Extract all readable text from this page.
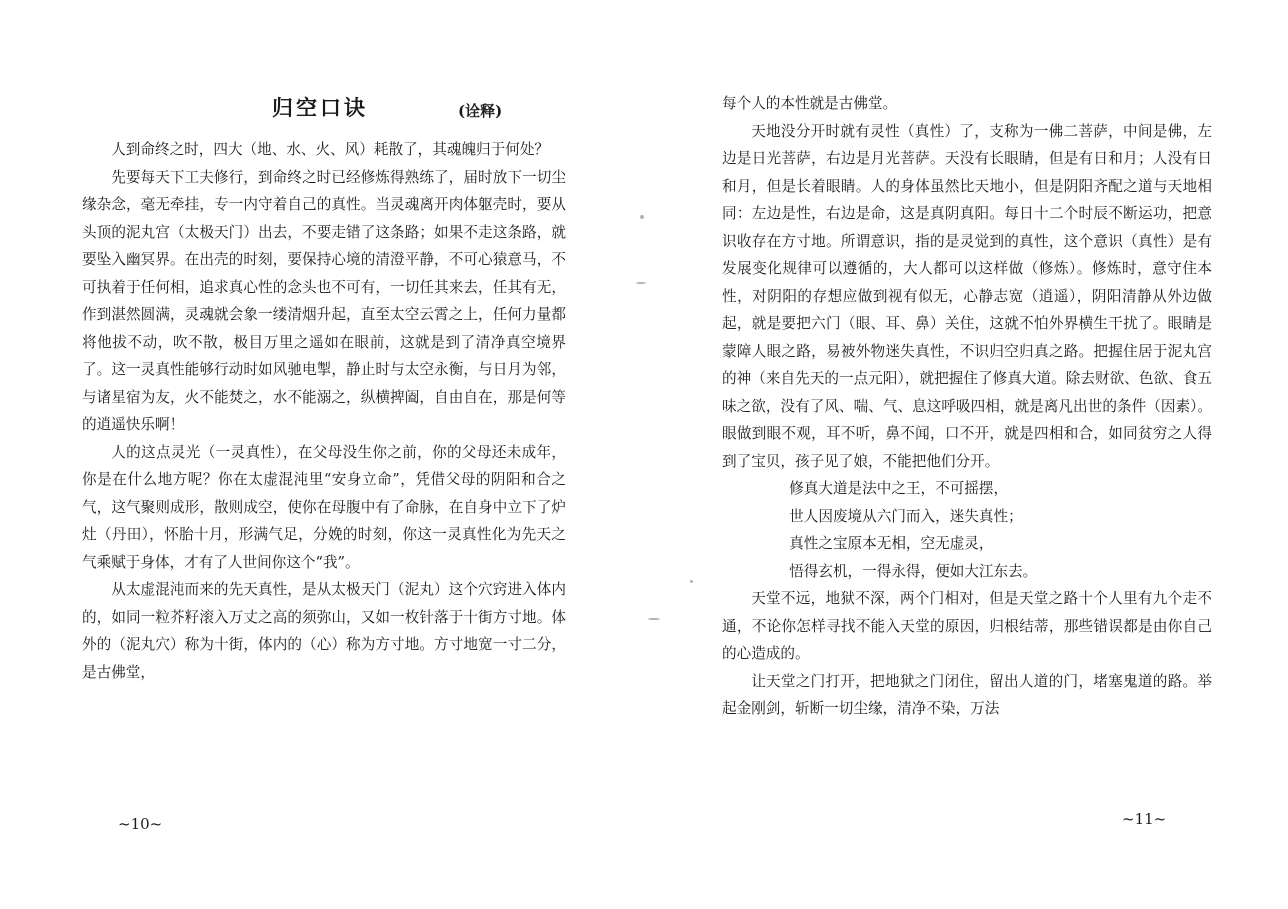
归空口诀	(诠释)

人到命终之时，四大（地、水、火、风）耗散了，其魂魄归于何处？

先要每天下工夫修行，到命终之时已经修炼得熟练了，届时放下一切尘缘杂念，毫无牵挂，专一内守着自己的真性。当灵魂离开肉体躯壳时，要从头顶的泥丸宫（太极天门）出去，不要走错了这条路；如果不走这条路，就要坠入幽冥界。在出壳的时刻，要保持心境的清澄平静，不可心猿意马，不可执着于任何相，追求真心性的念头也不可有，一切任其来去，任其有无，作到湛然圆满，灵魂就会象一缕清烟升起，直至太空云霄之上，任何力量都将他拔不动，吹不散，极目万里之遥如在眼前，这就是到了清净真空境界了。这一灵真性能够行动时如风驰电掣，静止时与太空永衡，与日月为邻，与诸星宿为友，火不能焚之，水不能溺之，纵横捭阖，自由自在，那是何等的逍遥快乐啊！

人的这点灵光（一灵真性），在父母没生你之前，你的父母还未成年，你是在什么地方呢？你在太虚混沌里“安身立命”，凭借父母的阴阳和合之气，这气聚则成形，散则成空，使你在母腹中有了命脉，在自身中立下了炉灶（丹田），怀胎十月，形满气足，分娩的时刻，你这一灵真性化为先天之气乘赋于身体，才有了人世间你这个“我”。

从太虚混沌而来的先天真性，是从太极天门（泥丸）这个穴窍进入体内的，如同一粒芥籽滚入万丈之高的须弥山，又如一枚针落于十街方寸地。体外的（泥丸穴）称为十街，体内的（心）称为方寸地。方寸地宽一寸二分，是古佛堂，

~10~

每个人的本性就是古佛堂。

天地没分开时就有灵性（真性）了，支称为一佛二菩萨，中间是佛，左边是日光菩萨，右边是月光菩萨。天没有长眼睛，但是有日和月；人没有日和月，但是长着眼睛。人的身体虽然比天地小，但是阴阳齐配之道与天地相同：左边是性，右边是命，这是真阴真阳。每日十二个时辰不断运功，把意识收存在方寸地。所谓意识，指的是灵觉到的真性，这个意识（真性）是有发展变化规律可以遵循的，大人都可以这样做（修炼）。修炼时，意守住本性，对阴阳的存想应做到视有似无，心静志宽（逍遥），阴阳清静从外边做起，就是要把六门（眼、耳、鼻）关住，这就不怕外界横生干扰了。眼睛是蒙障人眼之路，易被外物迷失真性，不识归空归真之路。把握住居于泥丸宫的神（来自先天的一点元阳），就把握住了修真大道。除去财欲、色欲、食五味之欲，没有了风、喘、气、息这呼吸四相，就是离凡出世的条件（因素）。眼做到眼不观，耳不听，鼻不闻，口不开，就是四相和合，如同贫穷之人得到了宝贝，孩子见了娘，不能把他们分开。

修真大道是法中之王，不可摇摆，

世人因废境从六门而入，迷失真性；

真性之宝原本无相，空无虚灵，

悟得玄机，一得永得，便如大江东去。

天堂不远，地狱不深，两个门相对，但是天堂之路十个人里有九个走不通，不论你怎样寻找不能入天堂的原因，归根结蒂，那些错误都是由你自己的心造成的。

让天堂之门打开，把地狱之门闭住，留出人道的门，堵塞鬼道的路。举起金刚剑，斩断一切尘缘，清净不染，万法

~11~
